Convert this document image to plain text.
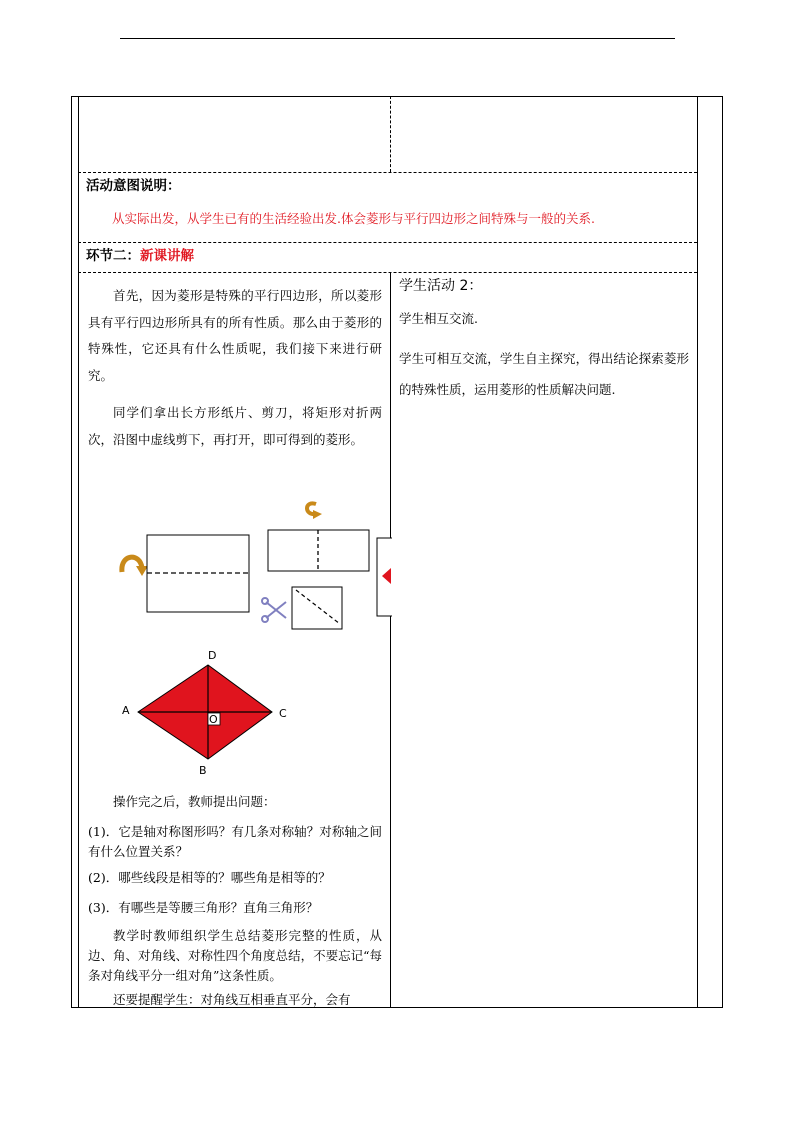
活动意图说明：
从实际出发，从学生已有的生活经验出发.体会菱形与平行四边形之间特殊与一般的关系.
环节二：新课讲解
首先，因为菱形是特殊的平行四边形，所以菱形具有平行四边形所具有的所有性质。那么由于菱形的特殊性，它还具有什么性质呢，我们接下来进行研究。
同学们拿出长方形纸片、剪刀，将矩形对折两次，沿图中虚线剪下，再打开，即可得到的菱形。
O
A
D
C
B
操作完之后，教师提出问题：
(1)．它是轴对称图形吗？有几条对称轴？对称轴之间有什么位置关系？
(2)．哪些线段是相等的？哪些角是相等的？
(3)．有哪些是等腰三角形？直角三角形？
教学时教师组织学生总结菱形完整的性质，从边、角、对角线、对称性四个角度总结，不要忘记“每条对角线平分一组对角”这条性质。
还要提醒学生：对角线互相垂直平分，会有
学生活动 2：
学生相互交流.
学生可相互交流，学生自主探究，得出结论探索菱形的特殊性质，运用菱形的性质解决问题.
